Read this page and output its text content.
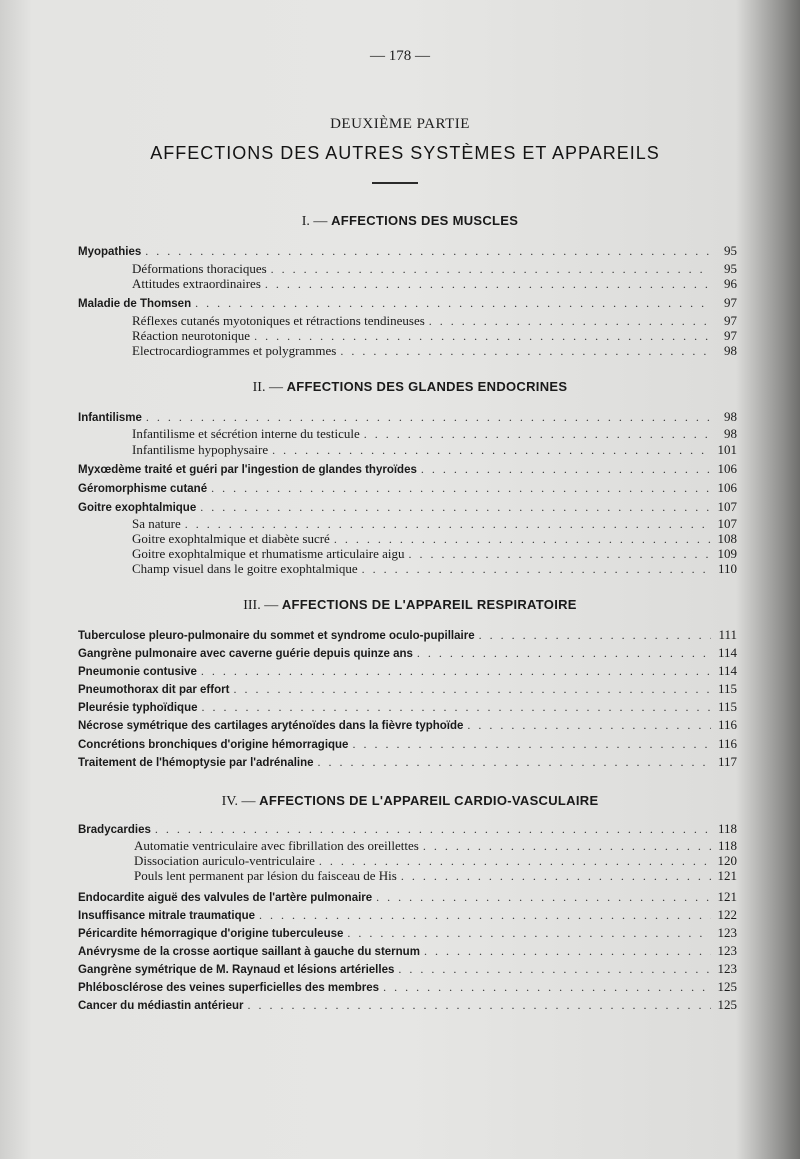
— 178 —
DEUXIÈME PARTIE
AFFECTIONS DES AUTRES SYSTÈMES ET APPAREILS
I. — AFFECTIONS DES MUSCLES
Myopathies . . .	95
Déformations thoraciques . . .	95
Attitudes extraordinaires . . .	96
Maladie de Thomsen . . .	97
Réflexes cutanés myotoniques et rétractions tendineuses . . .	97
Réaction neurotonique . . .	97
Electrocardiogrammes et polygrammes . . .	98
II. — AFFECTIONS DES GLANDES ENDOCRINES
Infantilisme . . .	98
Infantilisme et sécrétion interne du testicule . . .	98
Infantilisme hypophysaire . . .	101
Myxœdème traité et guéri par l'ingestion de glandes thyroïdes . . .	106
Géromorphisme cutané . . .	106
Goitre exophtalmique . . .	107
Sa nature . . .	107
Goitre exophtalmique et diabète sucré . . .	108
Goitre exophtalmique et rhumatisme articulaire aigu . . .	109
Champ visuel dans le goitre exophtalmique . . .	110
III. — AFFECTIONS DE L'APPAREIL RESPIRATOIRE
Tuberculose pleuro-pulmonaire du sommet et syndrome oculo-pupillaire . . .	111
Gangrène pulmonaire avec caverne guérie depuis quinze ans . . .	114
Pneumonie contusive . . .	114
Pneumothorax dit par effort . . .	115
Pleurésie typhoïdique . . .	115
Nécrose symétrique des cartilages aryténoïdes dans la fièvre typhoïde . . .	116
Concrétions bronchiques d'origine hémorragique . . .	116
Traitement de l'hémoptysie par l'adrénaline . . .	117
IV. — AFFECTIONS DE L'APPAREIL CARDIO-VASCULAIRE
Bradycardies . . .	118
Automatie ventriculaire avec fibrillation des oreillettes . . .	118
Dissociation auriculo-ventriculaire . . .	120
Pouls lent permanent par lésion du faisceau de His . . .	121
Endocardite aiguë des valvules de l'artère pulmonaire . . .	121
Insuffisance mitrale traumatique . . .	122
Péricardite hémorragique d'origine tuberculeuse . . .	123
Anévrysme de la crosse aortique saillant à gauche du sternum . . .	123
Gangrène symétrique de M. Raynaud et lésions artérielles . . .	123
Phlébosclérose des veines superficielles des membres . . .	125
Cancer du médiastin antérieur . . .	125
